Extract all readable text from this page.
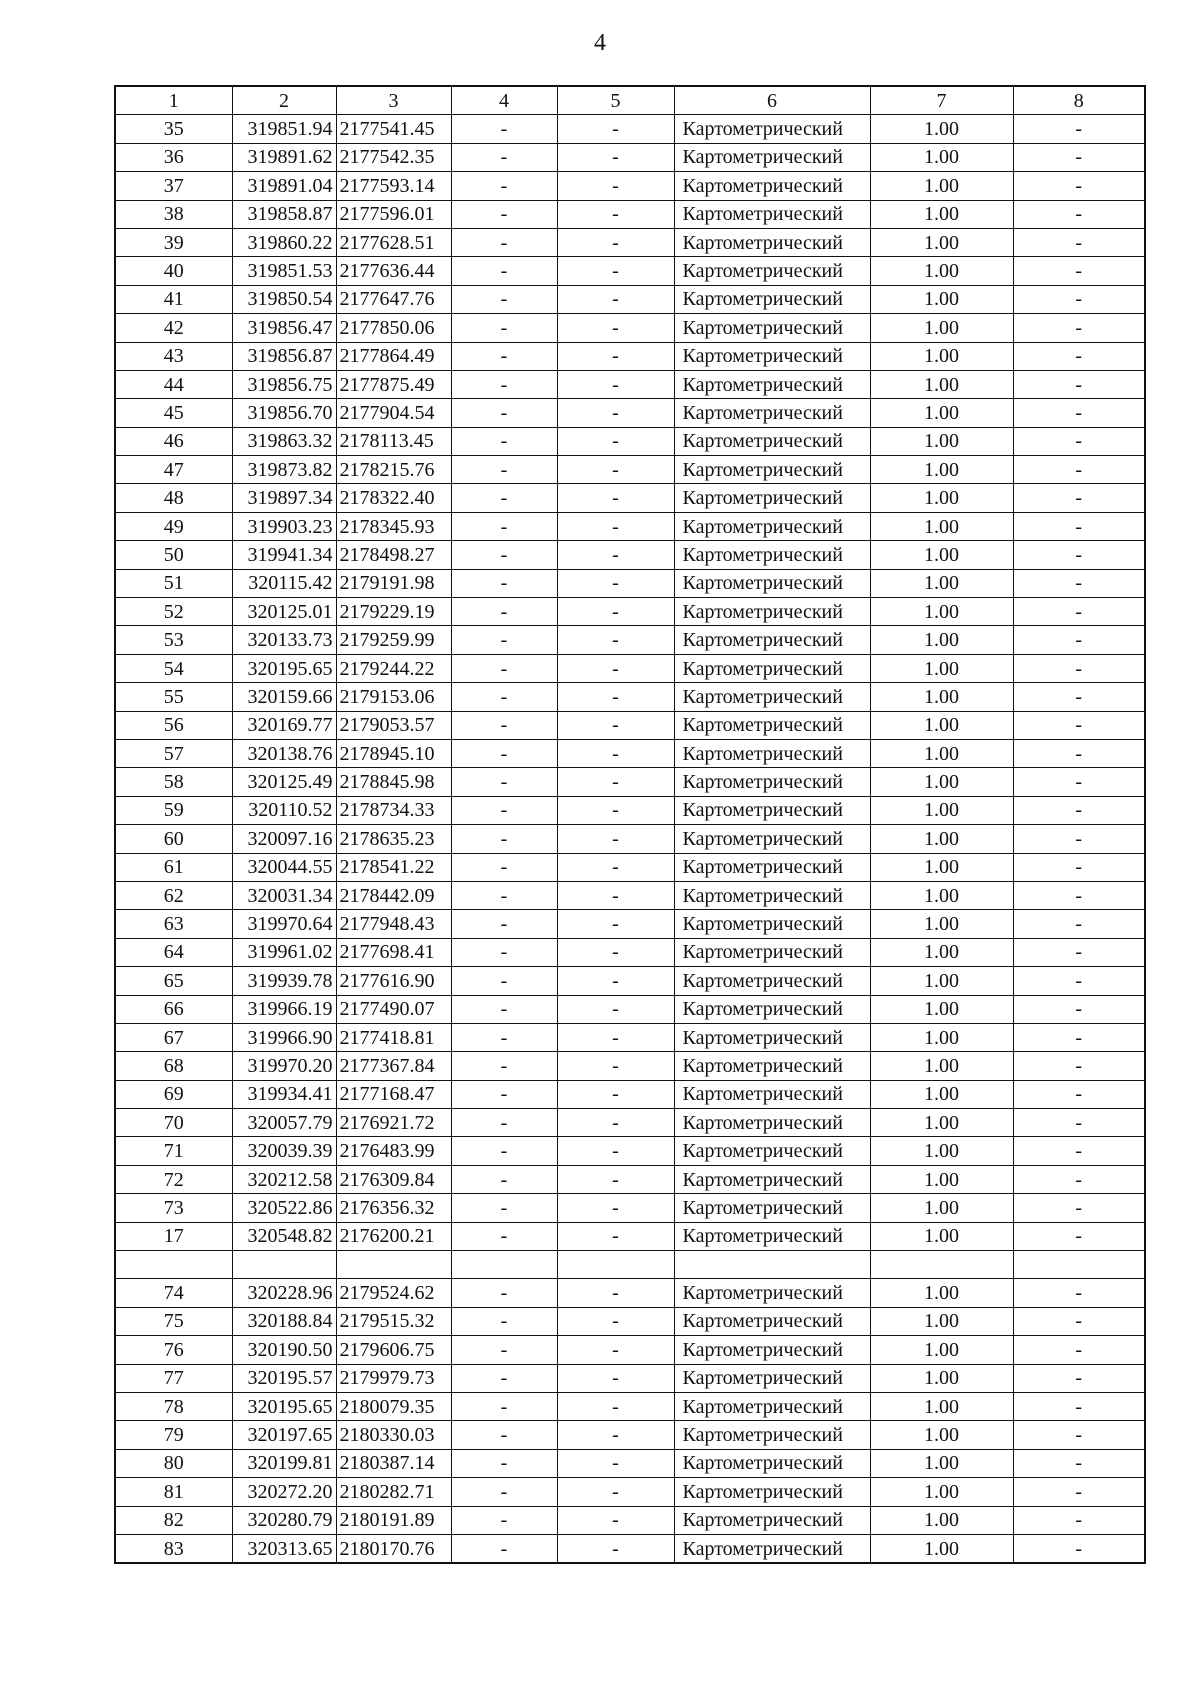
4
1	2	3	4	5	6	7	8
35	319851.94	2177541.45	-	-	Картометрический	1.00	-
36	319891.62	2177542.35	-	-	Картометрический	1.00	-
37	319891.04	2177593.14	-	-	Картометрический	1.00	-
38	319858.87	2177596.01	-	-	Картометрический	1.00	-
39	319860.22	2177628.51	-	-	Картометрический	1.00	-
40	319851.53	2177636.44	-	-	Картометрический	1.00	-
41	319850.54	2177647.76	-	-	Картометрический	1.00	-
42	319856.47	2177850.06	-	-	Картометрический	1.00	-
43	319856.87	2177864.49	-	-	Картометрический	1.00	-
44	319856.75	2177875.49	-	-	Картометрический	1.00	-
45	319856.70	2177904.54	-	-	Картометрический	1.00	-
46	319863.32	2178113.45	-	-	Картометрический	1.00	-
47	319873.82	2178215.76	-	-	Картометрический	1.00	-
48	319897.34	2178322.40	-	-	Картометрический	1.00	-
49	319903.23	2178345.93	-	-	Картометрический	1.00	-
50	319941.34	2178498.27	-	-	Картометрический	1.00	-
51	320115.42	2179191.98	-	-	Картометрический	1.00	-
52	320125.01	2179229.19	-	-	Картометрический	1.00	-
53	320133.73	2179259.99	-	-	Картометрический	1.00	-
54	320195.65	2179244.22	-	-	Картометрический	1.00	-
55	320159.66	2179153.06	-	-	Картометрический	1.00	-
56	320169.77	2179053.57	-	-	Картометрический	1.00	-
57	320138.76	2178945.10	-	-	Картометрический	1.00	-
58	320125.49	2178845.98	-	-	Картометрический	1.00	-
59	320110.52	2178734.33	-	-	Картометрический	1.00	-
60	320097.16	2178635.23	-	-	Картометрический	1.00	-
61	320044.55	2178541.22	-	-	Картометрический	1.00	-
62	320031.34	2178442.09	-	-	Картометрический	1.00	-
63	319970.64	2177948.43	-	-	Картометрический	1.00	-
64	319961.02	2177698.41	-	-	Картометрический	1.00	-
65	319939.78	2177616.90	-	-	Картометрический	1.00	-
66	319966.19	2177490.07	-	-	Картометрический	1.00	-
67	319966.90	2177418.81	-	-	Картометрический	1.00	-
68	319970.20	2177367.84	-	-	Картометрический	1.00	-
69	319934.41	2177168.47	-	-	Картометрический	1.00	-
70	320057.79	2176921.72	-	-	Картометрический	1.00	-
71	320039.39	2176483.99	-	-	Картометрический	1.00	-
72	320212.58	2176309.84	-	-	Картометрический	1.00	-
73	320522.86	2176356.32	-	-	Картометрический	1.00	-
17	320548.82	2176200.21	-	-	Картометрический	1.00	-

74	320228.96	2179524.62	-	-	Картометрический	1.00	-
75	320188.84	2179515.32	-	-	Картометрический	1.00	-
76	320190.50	2179606.75	-	-	Картометрический	1.00	-
77	320195.57	2179979.73	-	-	Картометрический	1.00	-
78	320195.65	2180079.35	-	-	Картометрический	1.00	-
79	320197.65	2180330.03	-	-	Картометрический	1.00	-
80	320199.81	2180387.14	-	-	Картометрический	1.00	-
81	320272.20	2180282.71	-	-	Картометрический	1.00	-
82	320280.79	2180191.89	-	-	Картометрический	1.00	-
83	320313.65	2180170.76	-	-	Картометрический	1.00	-
